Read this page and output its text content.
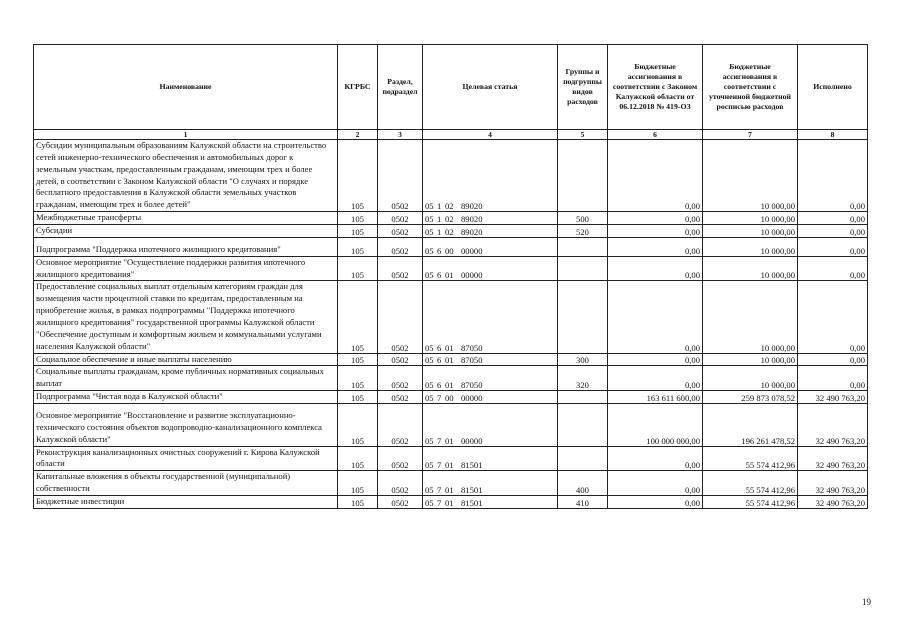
Наименование	КГРБС	Раздел, подраздел	Целевая статья	Группы и подгруппы видов расходов	Бюджетные ассигнования в соответствии с Законом Калужской области от 06.12.2018 № 419-ОЗ	Бюджетные ассигнования в соответствии с уточненной бюджетной росписью расходов	Исполнено
1	2	3	4	5	6	7	8
Субсидии муниципальным образованиям Калужской области на строительство сетей инженерно-технического обеспечения и автомобильных дорог к земельным участкам, предоставленным гражданам, имеющим трех и более детей, в соответствии с Законом Калужской области "О случаях и порядке бесплатного предоставления в Калужской области земельных участков гражданам, имеющим трех и более детей"	105	0502	05 1 02 89020		0,00	10 000,00	0,00
Межбюджетные трансферты	105	0502	05 1 02 89020	500	0,00	10 000,00	0,00
Субсидии	105	0502	05 1 02 89020	520	0,00	10 000,00	0,00
Подпрограмма "Поддержка ипотечного жилищного кредитования"	105	0502	05 6 00 00000		0,00	10 000,00	0,00
Основное мероприятие "Осуществление поддержки развития ипотечного жилищного кредитования"	105	0502	05 6 01 00000		0,00	10 000,00	0,00
Предоставление социальных выплат отдельным категориям граждан для возмещения части процентной ставки по кредитам, предоставленным на приобретение жилья, в рамках подпрограммы "Поддержка ипотечного жилищного кредитования" государственной программы Калужской области "Обеспечение доступным и комфортным жильем и коммунальными услугами населения Калужской области"	105	0502	05 6 01 87050		0,00	10 000,00	0,00
Социальное обеспечение и иные выплаты населению	105	0502	05 6 01 87050	300	0,00	10 000,00	0,00
Социальные выплаты гражданам, кроме публичных нормативных социальных выплат	105	0502	05 6 01 87050	320	0,00	10 000,00	0,00
Подпрограмма "Чистая вода в Калужской области"	105	0502	05 7 00 00000		163 611 600,00	259 873 078,52	32 490 763,20
Основное мероприятие "Восстановление и развитие эксплуатационно-технического состояния объектов водопроводно-канализационного комплекса Калужской области"	105	0502	05 7 01 00000		100 000 000,00	196 261 478,52	32 490 763,20
Реконструкция канализационных очистных сооружений г. Кирова Калужской области	105	0502	05 7 01 81501		0,00	55 574 412,96	32 490 763,20
Капитальные вложения в объекты государственной (муниципальной) собственности	105	0502	05 7 01 81501	400	0,00	55 574 412,96	32 490 763,20
Бюджетные инвестиции	105	0502	05 7 01 81501	410	0,00	55 574 412,96	32 490 763,20
19
